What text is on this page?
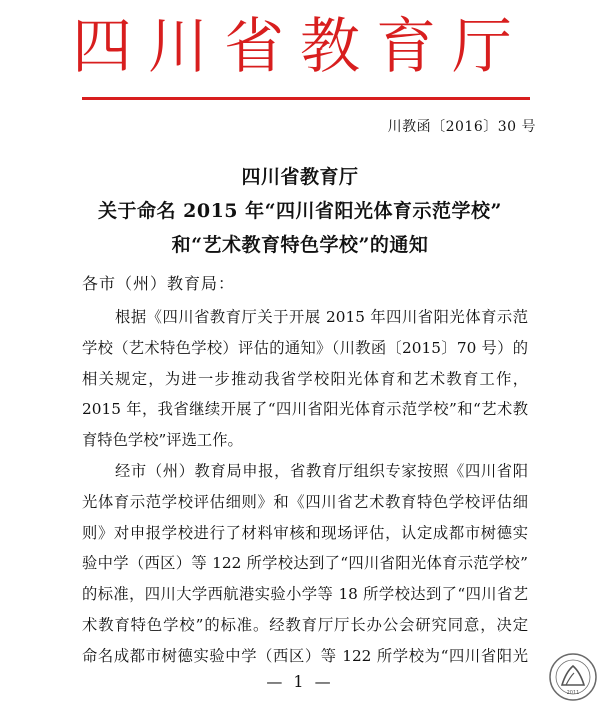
四川省教育厅
川教函〔2016〕30 号
四川省教育厅
关于命名 2015 年“四川省阳光体育示范学校”
和“艺术教育特色学校”的通知
各市（州）教育局：
根据《四川省教育厅关于开展 2015 年四川省阳光体育示范
学校（艺术特色学校）评估的通知》（川教函〔2015〕70 号）的
相关规定，为进一步推动我省学校阳光体育和艺术教育工作，
2015 年，我省继续开展了“四川省阳光体育示范学校”和“艺术教
育特色学校”评选工作。
经市（州）教育局申报，省教育厅组织专家按照《四川省阳
光体育示范学校评估细则》和《四川省艺术教育特色学校评估细
则》对申报学校进行了材料审核和现场评估，认定成都市树德实
验中学（西区）等 122 所学校达到了“四川省阳光体育示范学校”
的标准，四川大学西航港实验小学等 18 所学校达到了“四川省艺
术教育特色学校”的标准。经教育厅厅长办公会研究同意，决定
命名成都市树德实验中学（西区）等 122 所学校为“四川省阳光
— 1 —
2011
